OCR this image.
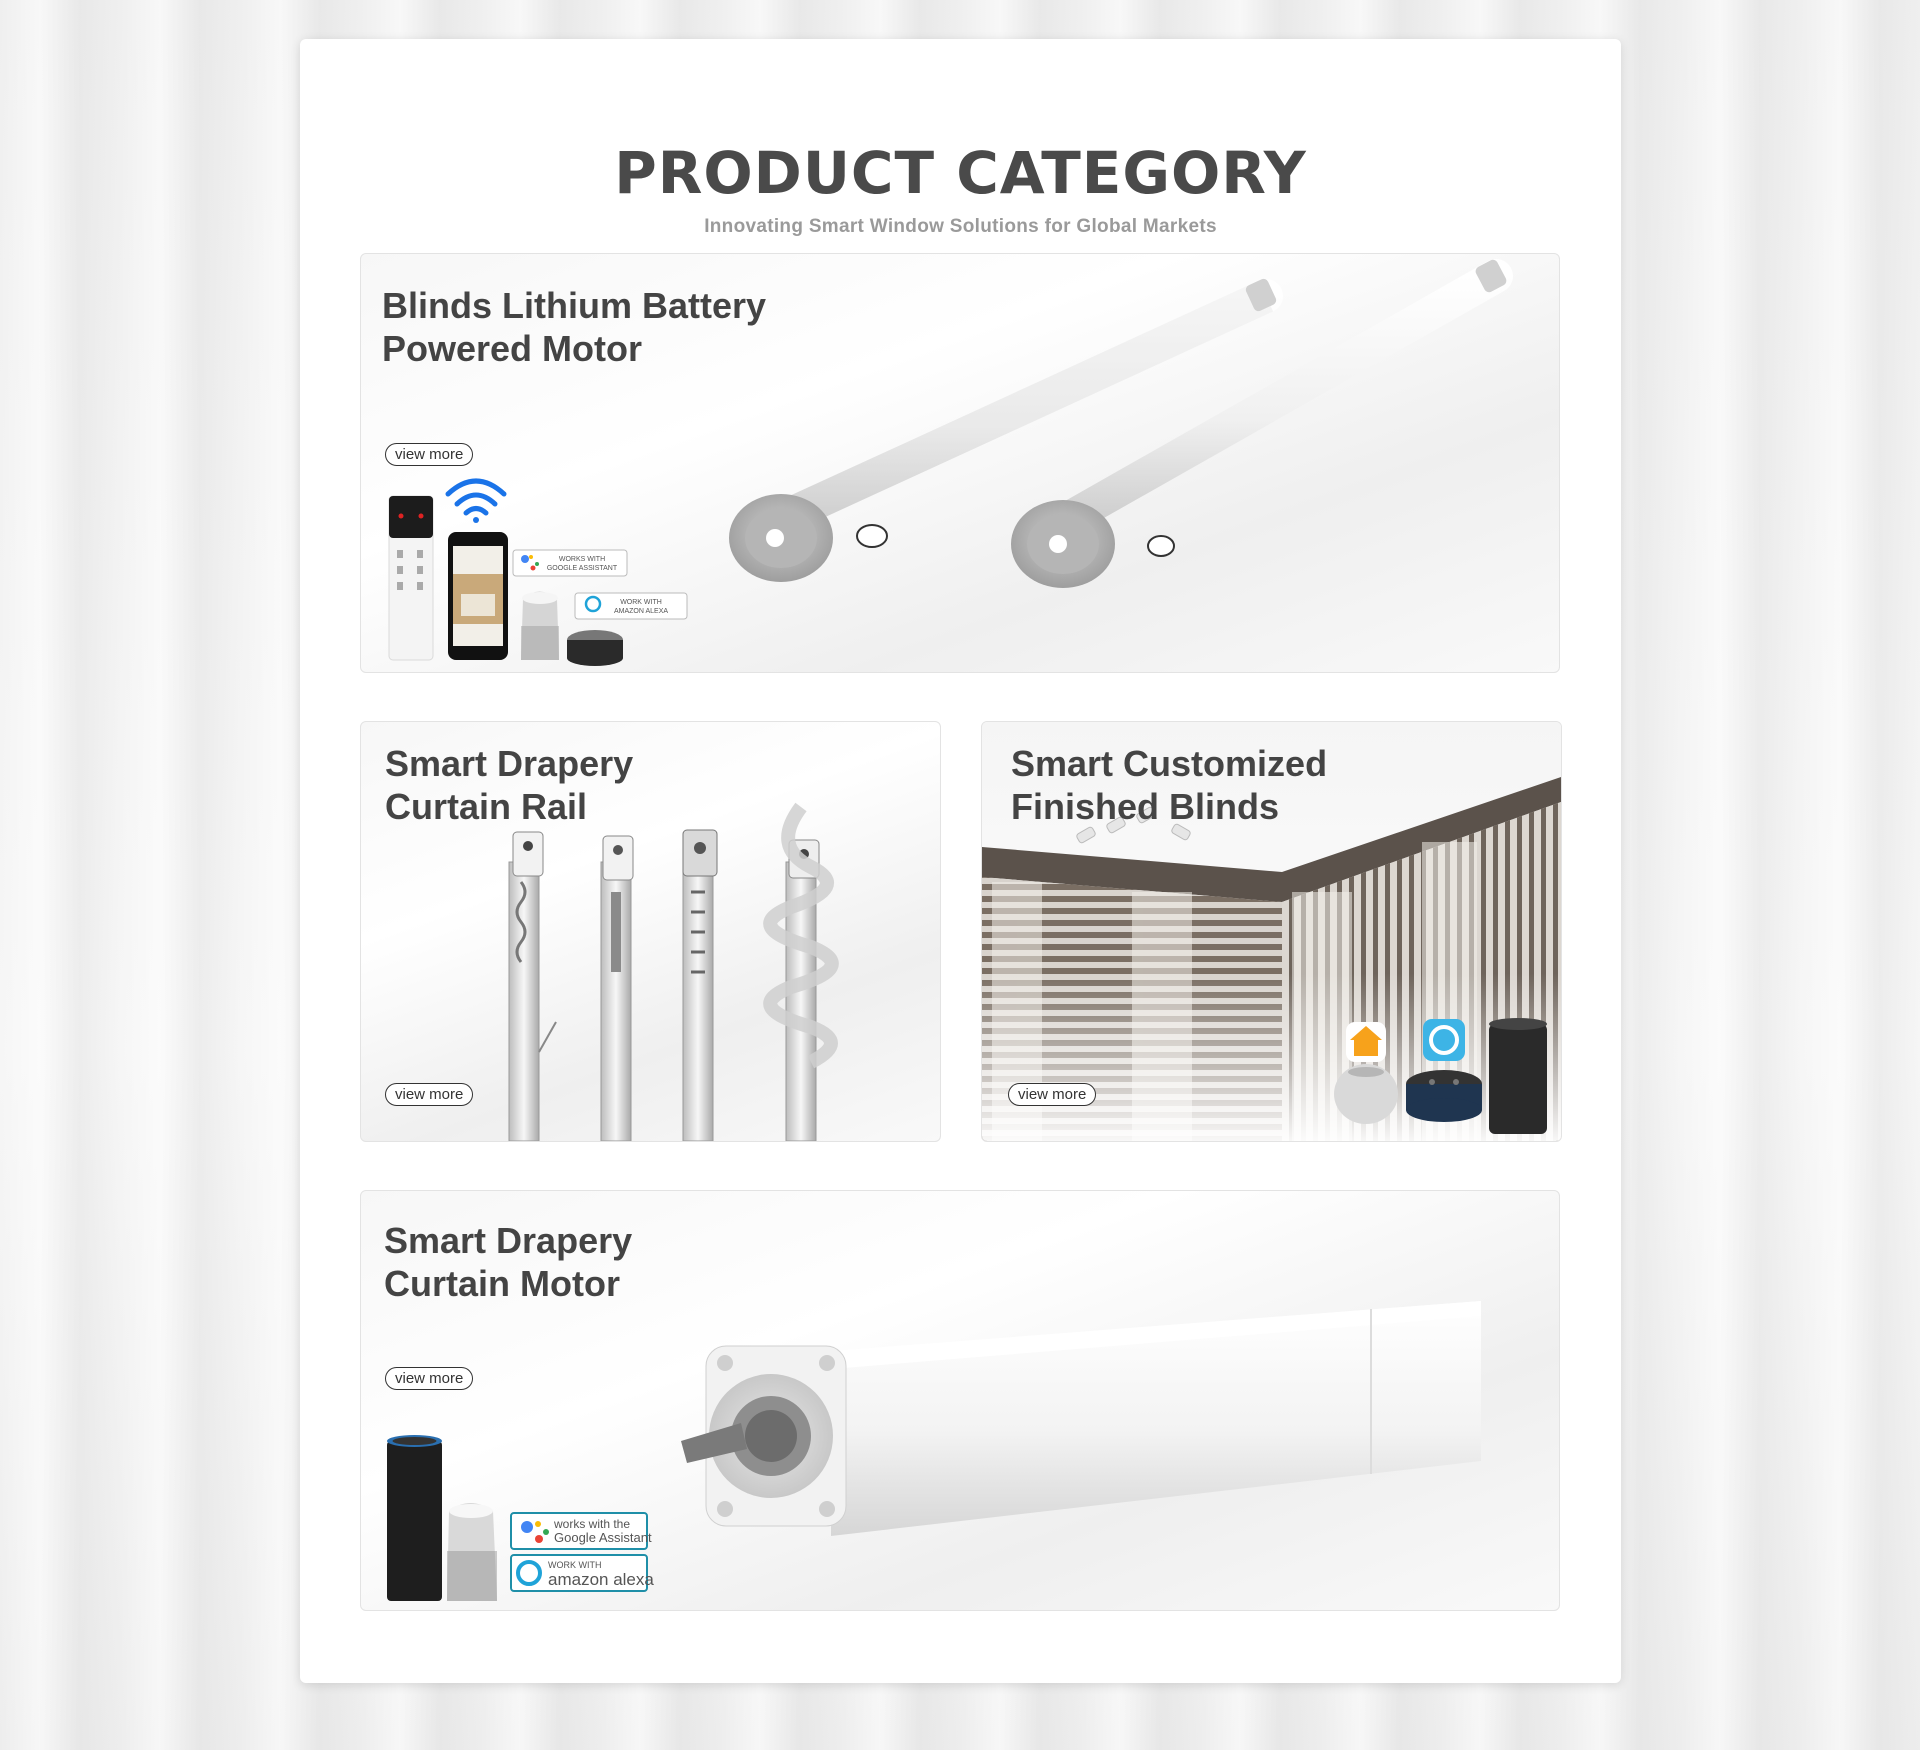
PRODUCT CATEGORY
Innovating Smart Window Solutions for Global Markets
Blinds Lithium Battery
Powered Motor
view more
WORKS WITH
GOOGLE ASSISTANT
WORK WITH
AMAZON ALEXA
Smart Drapery
Curtain Rail
view more
Smart Customized
Finished Blinds
view more
Smart Drapery
Curtain Motor
view more
works with the
Google Assistant
WORK WITH
amazon alexa
